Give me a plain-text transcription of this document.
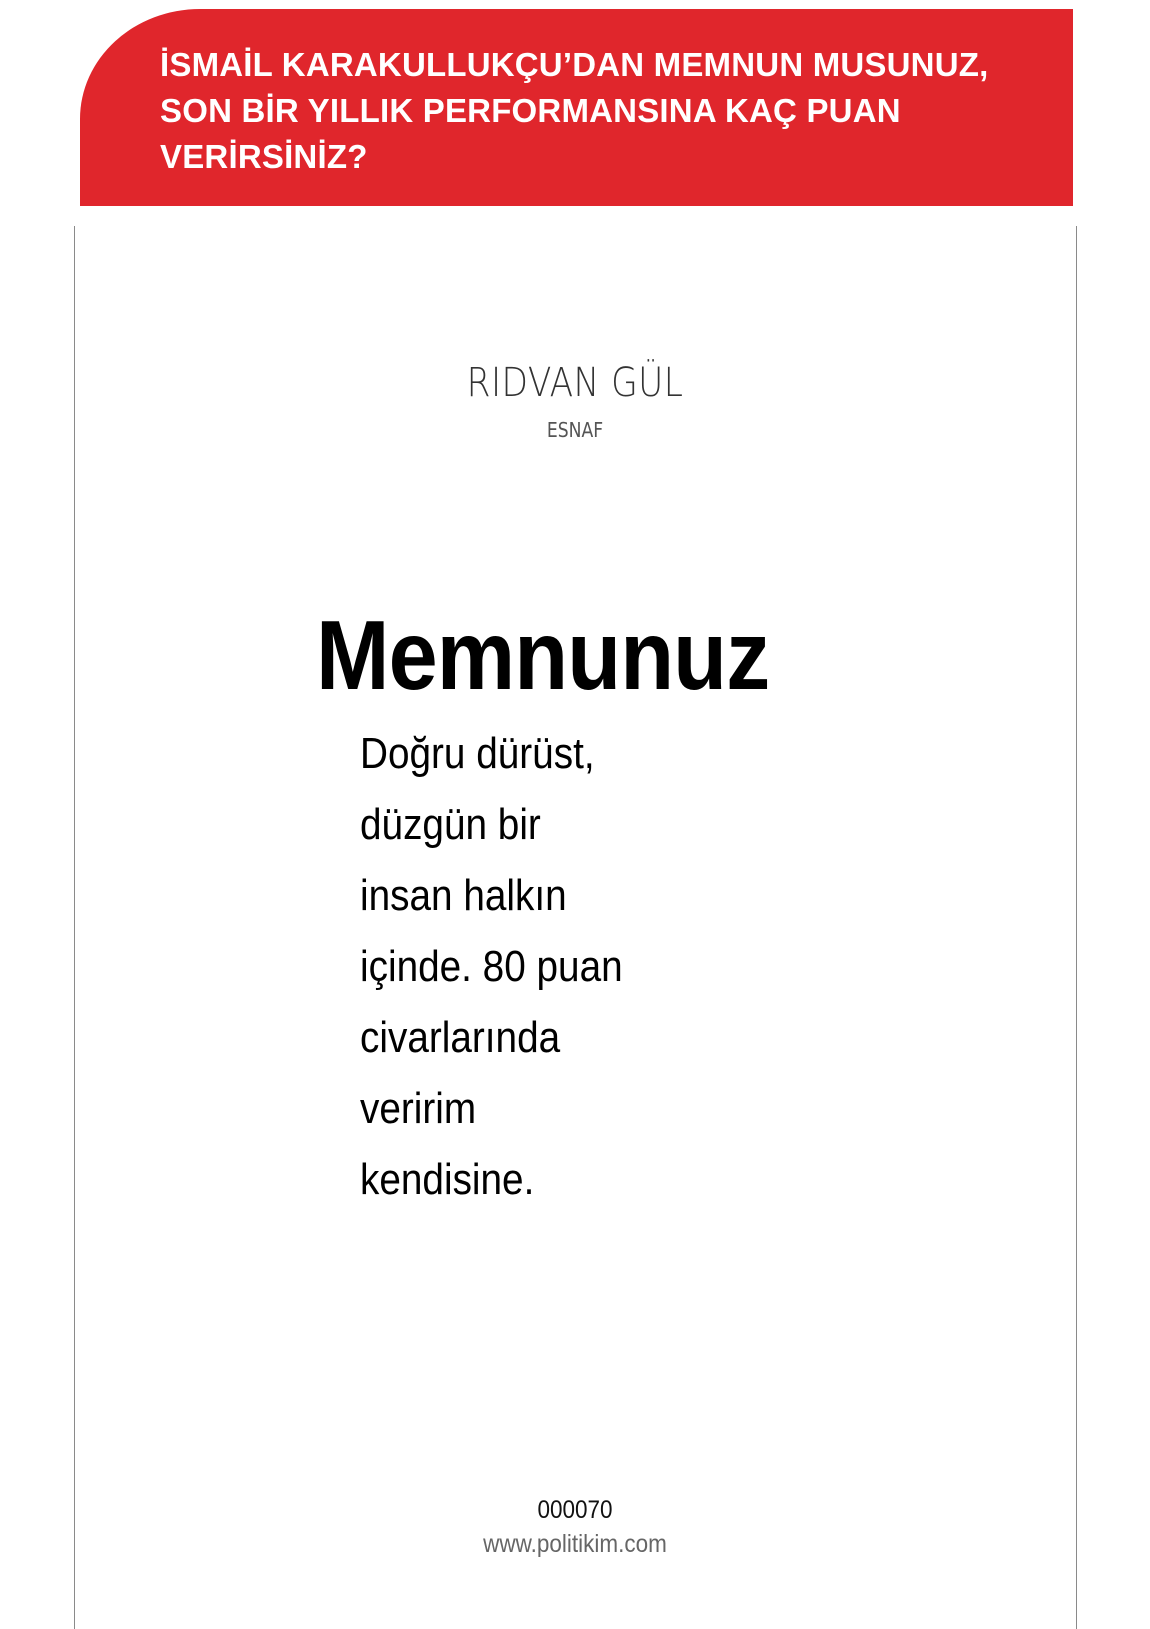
İSMAİL KARAKULLUKÇU’DAN MEMNUN MUSUNUZ,
SON BİR YILLIK PERFORMANSINA KAÇ PUAN
VERİRSİNİZ?

RIDVAN GÜL
ESNAF
Memnunuz

Doğru dürüst,
düzgün bir
insan halkın
içinde. 80 puan
civarlarında
veririm
kendisine.

000070
www.politikim.com
